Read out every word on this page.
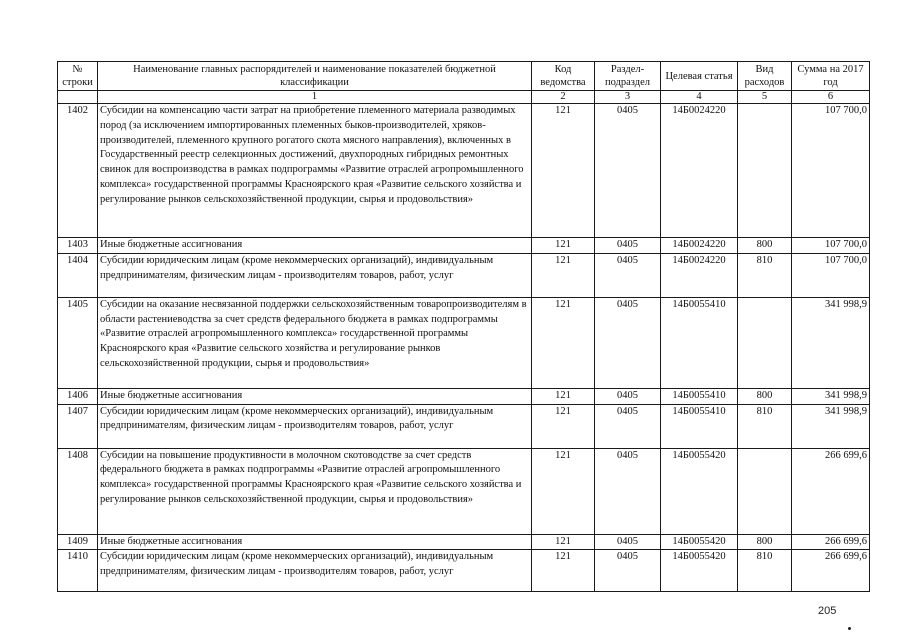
№ строки	Наименование главных распорядителей и наименование показателей бюджетной классификации	Код ведомства	Раздел-подраздел	Целевая статья	Вид расходов	Сумма на 2017 год
	1	2	3	4	5	6
1402	Субсидии на компенсацию части затрат на приобретение племенного материала разводимых пород (за исключением импортированных племенных быков-производителей, хряков-производителей, племенного крупного рогатого скота мясного направления), включенных в Государственный реестр селекционных достижений, двухпородных гибридных ремонтных свинок для воспроизводства в рамках подпрограммы «Развитие отраслей агропромышленного комплекса» государственной программы Красноярского края «Развитие сельского хозяйства и регулирование рынков сельскохозяйственной продукции, сырья и продовольствия»	121	0405	14Б0024220		107 700,0
1403	Иные бюджетные ассигнования	121	0405	14Б0024220	800	107 700,0
1404	Субсидии юридическим лицам (кроме некоммерческих организаций), индивидуальным предпринимателям, физическим лицам - производителям товаров, работ, услуг	121	0405	14Б0024220	810	107 700,0
1405	Субсидии на оказание несвязанной поддержки сельскохозяйственным товаропроизводителям в области растениеводства за счет средств федерального бюджета в рамках подпрограммы «Развитие отраслей агропромышленного комплекса» государственной программы Красноярского края «Развитие сельского хозяйства и регулирование рынков сельскохозяйственной продукции, сырья и продовольствия»	121	0405	14Б0055410		341 998,9
1406	Иные бюджетные ассигнования	121	0405	14Б0055410	800	341 998,9
1407	Субсидии юридическим лицам (кроме некоммерческих организаций), индивидуальным предпринимателям, физическим лицам - производителям товаров, работ, услуг	121	0405	14Б0055410	810	341 998,9
1408	Субсидии на повышение продуктивности в молочном скотоводстве за счет средств федерального бюджета в рамках подпрограммы «Развитие отраслей агропромышленного комплекса» государственной программы Красноярского края «Развитие сельского хозяйства и регулирование рынков сельскохозяйственной продукции, сырья и продовольствия»	121	0405	14Б0055420		266 699,6
1409	Иные бюджетные ассигнования	121	0405	14Б0055420	800	266 699,6
1410	Субсидии юридическим лицам (кроме некоммерческих организаций), индивидуальным предпринимателям, физическим лицам - производителям товаров, работ, услуг	121	0405	14Б0055420	810	266 699,6
205
